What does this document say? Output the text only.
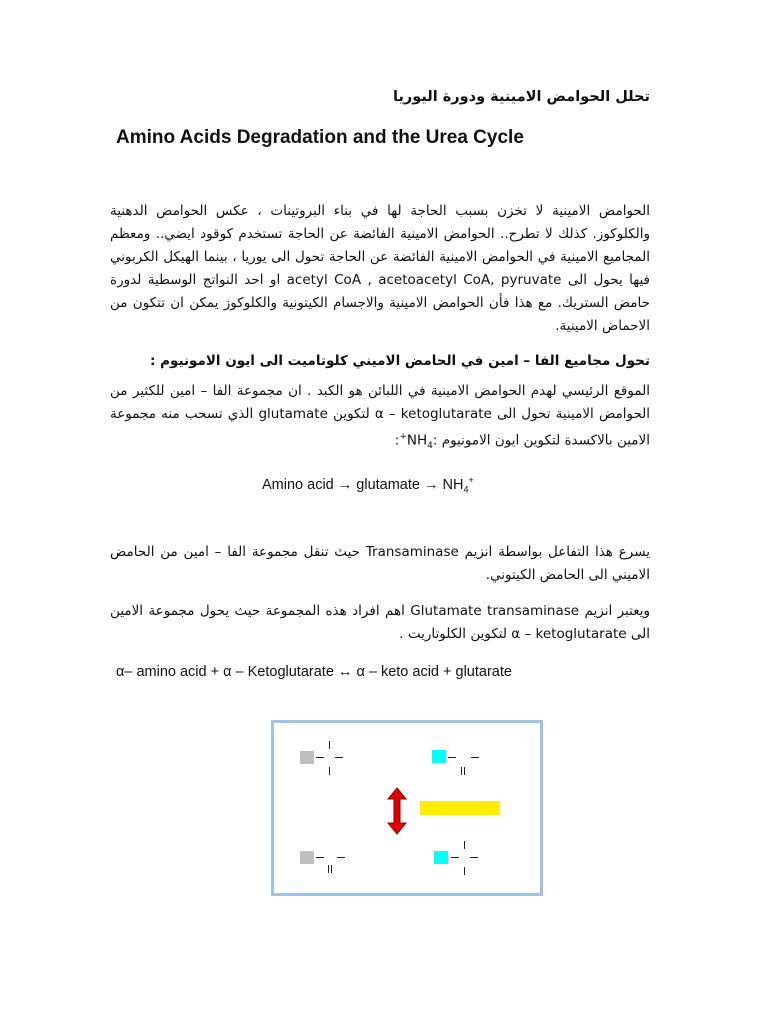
تحلل الحوامض الامينية ودورة اليوريا
Amino Acids Degradation and the Urea Cycle

الحوامض الامينية لا تخزن بسبب الحاجة لها في بناء البروتينات ، عكس الحوامض الدهنية والكلوكوز. كذلك لا تطرح.. الحوامض الامينية الفائضة عن الحاجة تستخدم كوقود ايضي.. ومعظم المجاميع الامينية في الحوامض الامينية الفائضة عن الحاجة تحول الى يوريا ، بينما الهيكل الكربوني فيها يحول الى acetyl CoA , acetoacetyl CoA, pyruvate او احد النواتج الوسطية لدورة حامض الستريك. مع هذا فأن الحوامض الامينية والاجسام الكيتونية والكلوكوز يمكن ان تتكون من الاحماض الامينية.

تحول مجاميع الفا – امين في الحامض الاميني كلوتاميت الى ايون الامونيوم :

الموقع الرئيسي لهدم الحوامض الامينية في اللبائن هو الكبد . ان مجموعة الفا – امين للكثير من الحوامض الامينية تحول الى α – ketoglutarate لتكوين glutamate الذي تسحب منه مجموعة الامين بالاكسدة لتكوين ايون الامونيوم $:NH_4^+$:

Amino acid → glutamate → $NH_4^+$

يسرع هذا التفاعل بواسطة انزيم Transaminase حيث تنقل مجموعة الفا – امين من الحامض الاميني الى الحامض الكيتوني.

ويعتبر انزيم Glutamate transaminase اهم افراد هذه المجموعة حيث يحول مجموعة الامين الى α – ketoglutarate لتكوين الكلوتاريت .

α– amino acid + α – Ketoglutarate ↔ α – keto acid + glutarate
